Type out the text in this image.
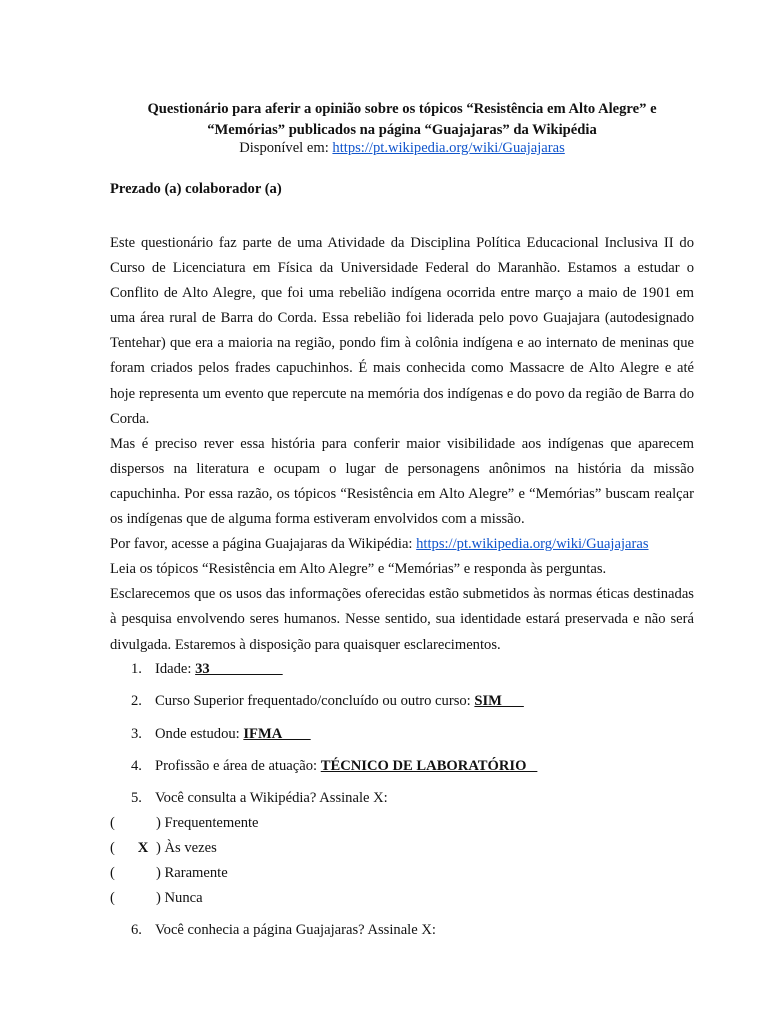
Questionário para aferir a opinião sobre os tópicos “Resistência em Alto Alegre” e
“Memórias” publicados na página “Guajajaras” da Wikipédia
Disponível em: https://pt.wikipedia.org/wiki/Guajajaras
Prezado (a) colaborador (a)

Este questionário faz parte de uma Atividade da Disciplina Política Educacional Inclusiva II do Curso de Licenciatura em Física da Universidade Federal do Maranhão. Estamos a estudar o Conflito de Alto Alegre, que foi uma rebelião indígena ocorrida entre março a maio de 1901 em uma área rural de Barra do Corda. Essa rebelião foi liderada pelo povo Guajajara (autodesignado Tentehar) que era a maioria na região, pondo fim à colônia indígena e ao internato de meninas que foram criados pelos frades capuchinhos. É mais conhecida como Massacre de Alto Alegre e até hoje representa um evento que repercute na memória dos indígenas e do povo da região de Barra do Corda.

Mas é preciso rever essa história para conferir maior visibilidade aos indígenas que aparecem dispersos na literatura e ocupam o lugar de personagens anônimos na história da missão capuchinha. Por essa razão, os tópicos “Resistência em Alto Alegre” e “Memórias” buscam realçar os indígenas que de alguma forma estiveram envolvidos com a missão.

Por favor, acesse a página Guajajaras da Wikipédia: https://pt.wikipedia.org/wiki/Guajajaras

Leia os tópicos “Resistência em Alto Alegre” e “Memórias” e responda às perguntas.

Esclarecemos que os usos das informações oferecidas estão submetidos às normas éticas destinadas à pesquisa envolvendo seres humanos. Nesse sentido, sua identidade estará preservada e não será divulgada. Estaremos à disposição para quaisquer esclarecimentos.

1. Idade: 33
2. Curso Superior frequentado/concluído ou outro curso: SIM
3. Onde estudou: IFMA
4. Profissão e área de atuação: TÉCNICO DE LABORATÓRIO
5. Você consulta a Wikipédia? Assinale X:
(	) Frequentemente
( X ) Às vezes
(	) Raramente
(	) Nunca
6. Você conhecia a página Guajajaras? Assinale X:
